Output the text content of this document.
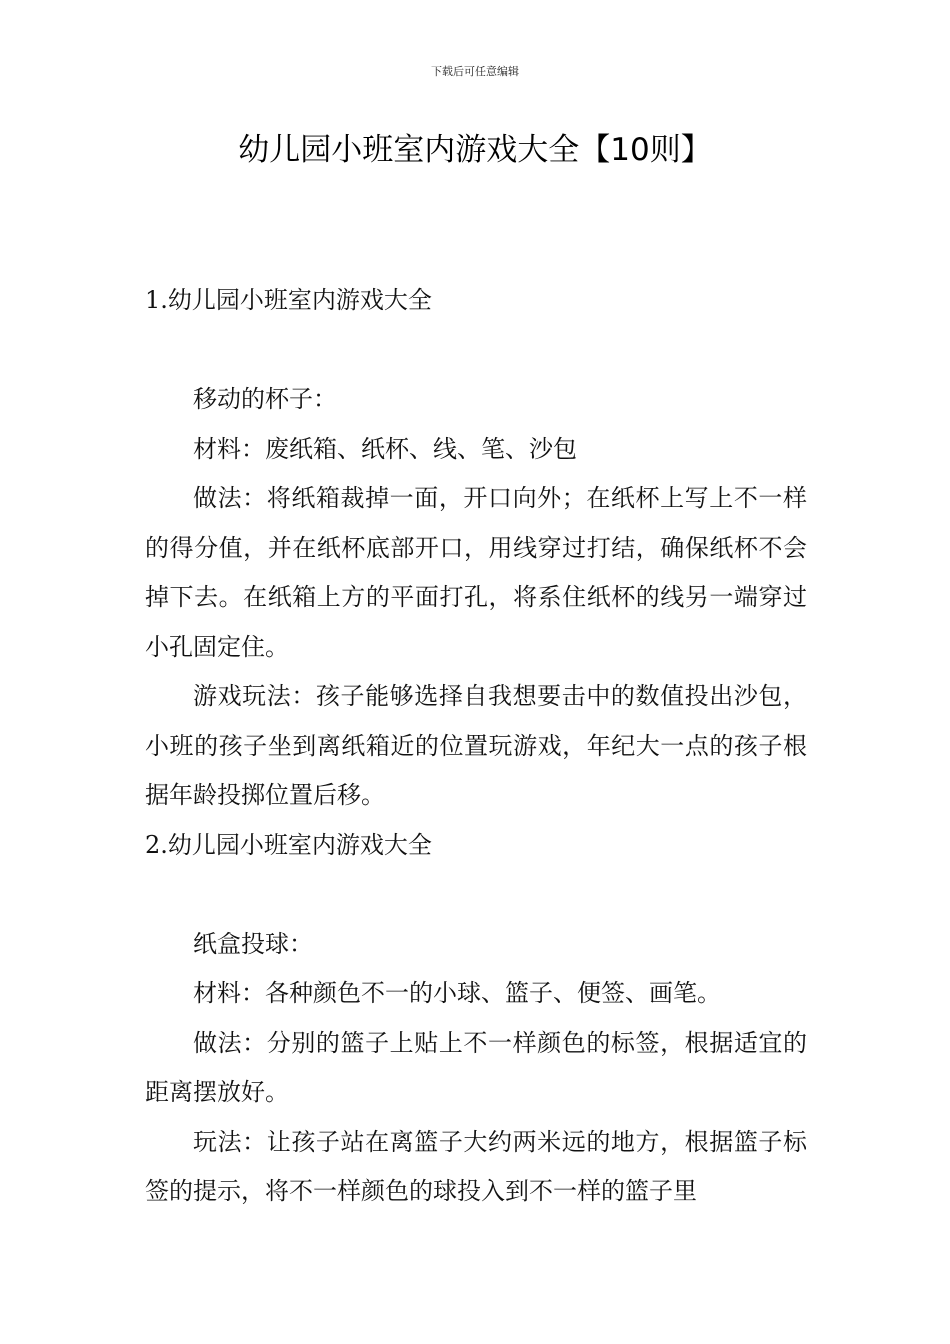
下载后可任意编辑
幼儿园小班室内游戏大全【10则】

1.幼儿园小班室内游戏大全

移动的杯子：

材料：废纸箱、纸杯、线、笔、沙包

做法：将纸箱裁掉一面，开口向外；在纸杯上写上不一样的得分值，并在纸杯底部开口，用线穿过打结，确保纸杯不会掉下去。在纸箱上方的平面打孔，将系住纸杯的线另一端穿过小孔固定住。

游戏玩法：孩子能够选择自我想要击中的数值投出沙包，小班的孩子坐到离纸箱近的位置玩游戏，年纪大一点的孩子根据年龄投掷位置后移。

2.幼儿园小班室内游戏大全

纸盒投球：

材料：各种颜色不一的小球、篮子、便签、画笔。

做法：分别的篮子上贴上不一样颜色的标签，根据适宜的距离摆放好。

玩法：让孩子站在离篮子大约两米远的地方，根据篮子标签的提示，将不一样颜色的球投入到不一样的篮子里
